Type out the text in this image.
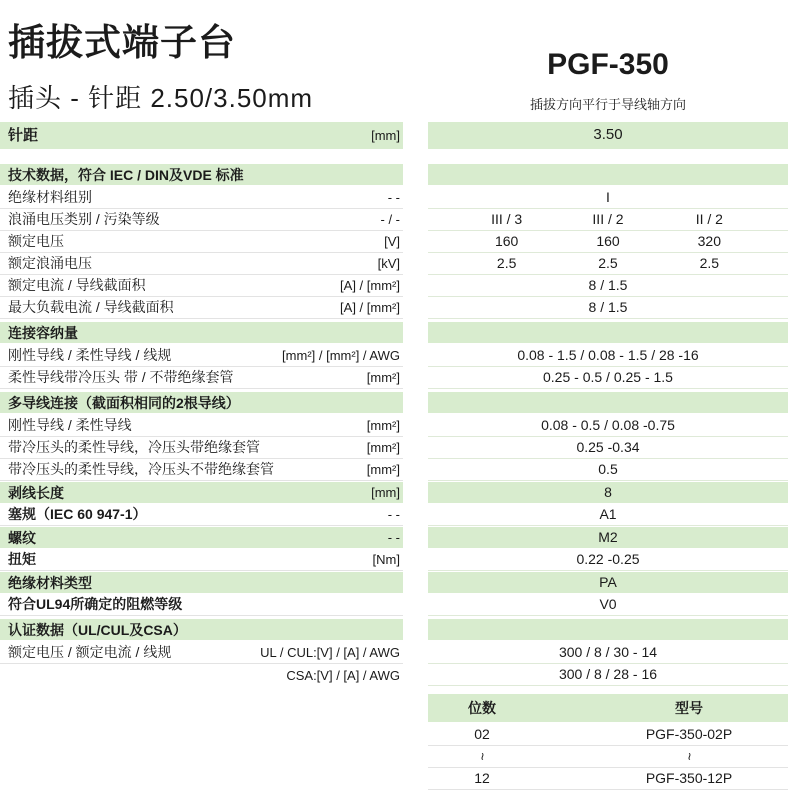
插拔式端子台
插头 - 针距 2.50/3.50mm
PGF-350
插拔方向平行于导线轴方向
针距	[mm]	3.50
技术数据，符合 IEC / DIN及VDE 标准
绝缘材料组别	- -	I
浪涌电压类别 / 污染等级	- / -	III / 3	III / 2	II / 2
额定电压	[V]	160	160	320
额定浪涌电压	[kV]	2.5	2.5	2.5
额定电流 / 导线截面积	[A] / [mm²]	8 / 1.5
最大负载电流 / 导线截面积	[A] / [mm²]	8 / 1.5
连接容纳量
刚性导线 / 柔性导线 / 线规	[mm²] / [mm²] / AWG	0.08 - 1.5 / 0.08 - 1.5 / 28 -16
柔性导线带冷压头 带 / 不带绝缘套管	[mm²]	0.25 - 0.5 / 0.25 - 1.5
多导线连接（截面积相同的2根导线）
刚性导线 / 柔性导线	[mm²]	0.08 - 0.5 / 0.08 -0.75
带冷压头的柔性导线，冷压头带绝缘套管	[mm²]	0.25 -0.34
带冷压头的柔性导线，冷压头不带绝缘套管	[mm²]	0.5
剥线长度	[mm]	8
塞规（IEC 60 947-1）	- -	A1
螺纹	- -	M2
扭矩	[Nm]	0.22 -0.25
绝缘材料类型	PA
符合UL94所确定的阻燃等级	V0
认证数据（UL/CUL及CSA）
额定电压 / 额定电流 / 线规	UL / CUL:[V] / [A] / AWG	300 / 8 / 30 - 14
CSA:[V] / [A] / AWG	300 / 8 / 28 - 16
位数	型号
02	PGF-350-02P
~	~
12	PGF-350-12P
